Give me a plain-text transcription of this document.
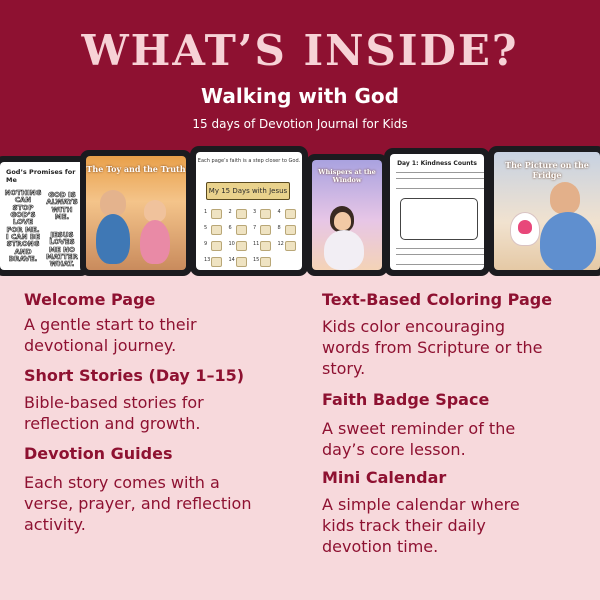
WHAT’S INSIDE?
Walking with God
15 days of Devotion Journal for Kids
God’s Promises for Me
NOTHING CAN STOP GOD’S LOVE FOR ME.
GOD IS ALWAYS WITH ME.
I CAN BE STRONG AND BRAVE.
JESUS LOVES ME NO MATTER WHAT.
The Toy and the Truth
Each page’s faith is a step closer to God.
My 15 Days with Jesus
1	2	3	4
5	6	7	8
9	10	11	12
13	14	15
Whispers at the Window
Day 1: Kindness Counts	The Picture on the Fridge
Welcome Page
A gentle start to their
devotional journey.
Short Stories (Day 1–15)
Bible-based stories for
reflection and growth.
Devotion Guides
Each story comes with a
verse, prayer, and reflection
activity.
Text-Based Coloring Page
Kids color encouraging
words from Scripture or the
story.
Faith Badge Space
A sweet reminder of the
day’s core lesson.
Mini Calendar
A simple calendar where
kids track their daily
devotion time.
